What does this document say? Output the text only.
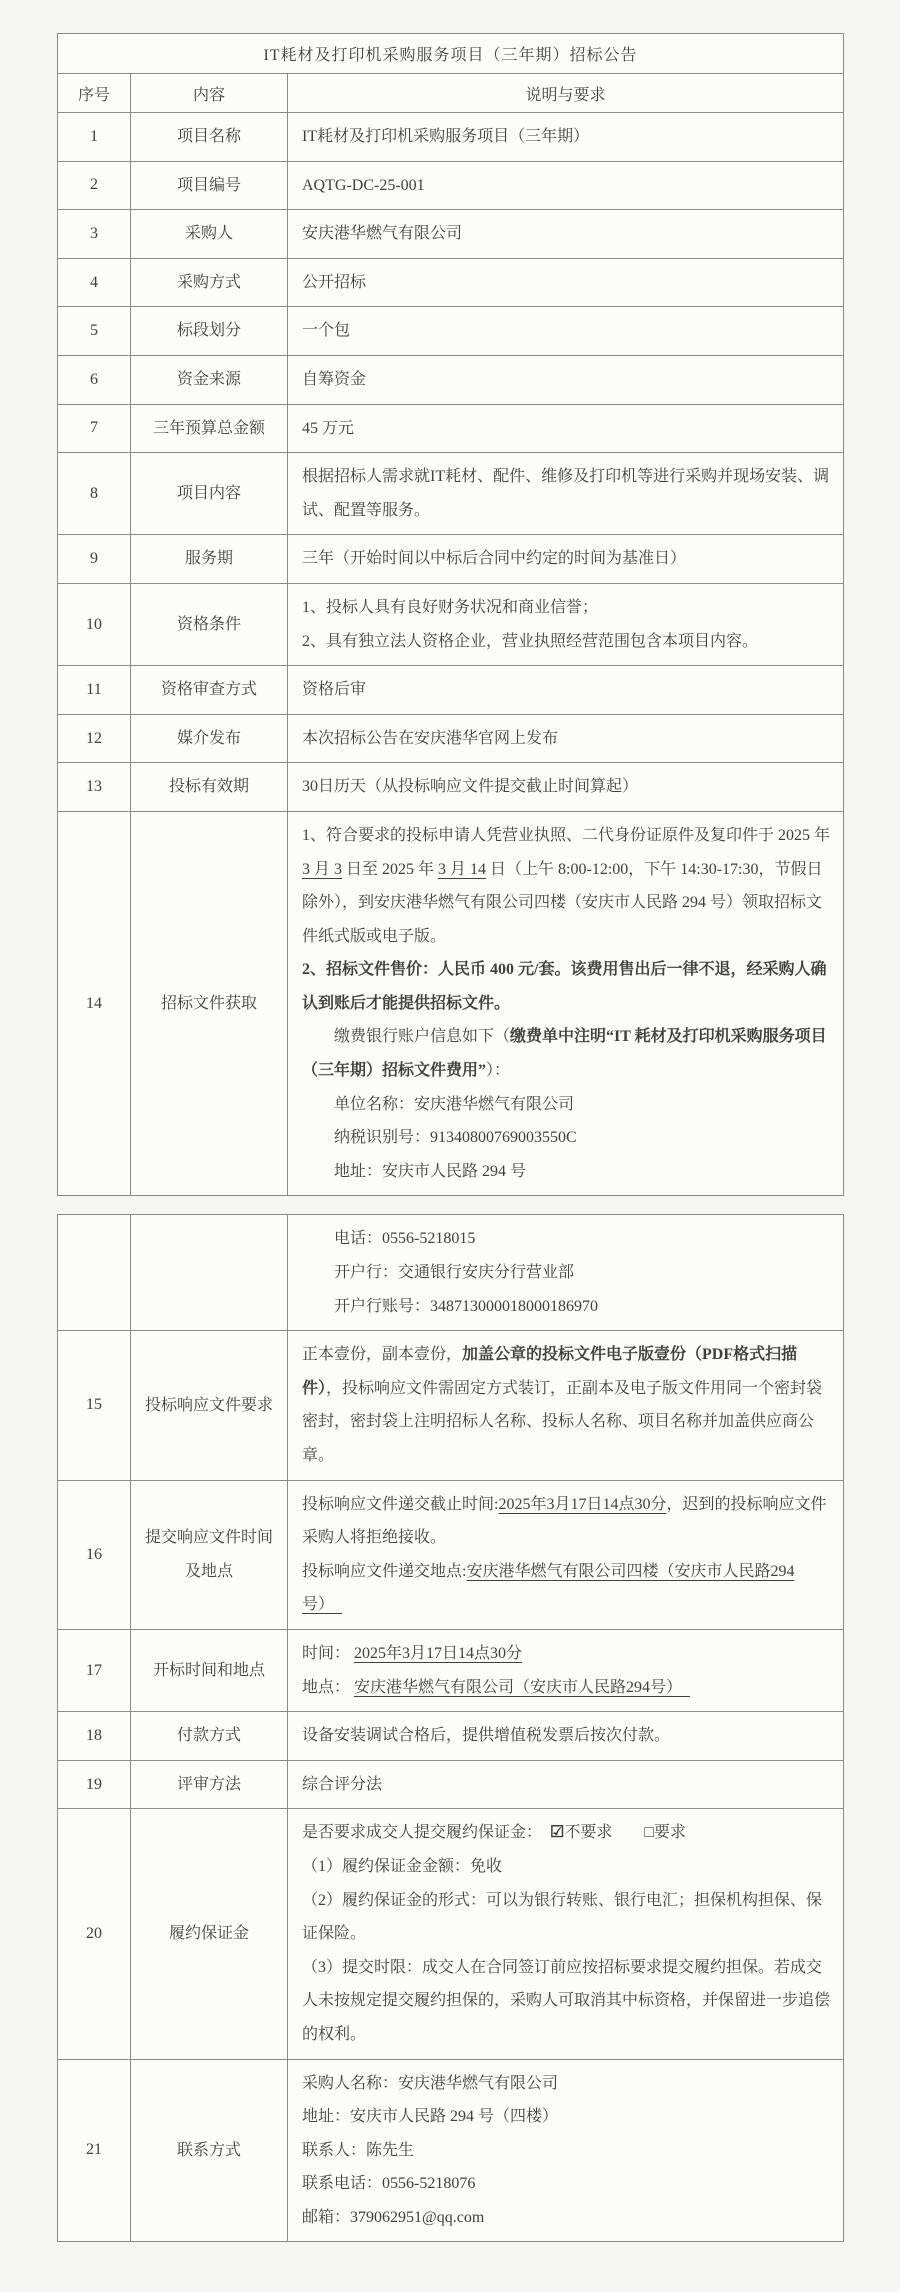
IT耗材及打印机采购服务项目（三年期）招标公告		
序号	内容	说明与要求
1	项目名称	IT耗材及打印机采购服务项目（三年期）

2	项目编号	AQTG-DC-25-001

3	采购人	安庆港华燃气有限公司

4	采购方式	公开招标

5	标段划分	一个包

6	资金来源	自筹资金

7	三年预算总金额	45 万元

8	项目内容	根据招标人需求就IT耗材、配件、维修及打印机等进行采购并现场安装、调试、配置等服务。

9	服务期	三年（开始时间以中标后合同中约定的时间为基准日）

10	资格条件	1、投标人具有良好财务状况和商业信誉；

2、具有独立法人资格企业，营业执照经营范围包含本项目内容。

11	资格审查方式	资格后审

12	媒介发布	本次招标公告在安庆港华官网上发布

13	投标有效期	30日历天（从投标响应文件提交截止时间算起）

14	招标文件获取	

1、符合要求的投标申请人凭营业执照、二代身份证原件及复印件于 2025 年 3 月 3 日至 2025 年 3 月 14 日（上午 8:00-12:00，下午 14:30-17:30，节假日除外），到安庆港华燃气有限公司四楼（安庆市人民路 294 号）领取招标文件纸式版或电子版。

2、招标文件售价：人民币 400 元/套。该费用售出后一律不退，经采购人确认到账后才能提供招标文件。

缴费银行账户信息如下（缴费单中注明“IT 耗材及打印机采购服务项目（三年期）招标文件费用”）：

单位名称：安庆港华燃气有限公司

纳税识别号：91340800769003550C

地址：安庆市人民路 294 号

		电话：0556-5218015

开户行：交通银行安庆分行营业部

开户行账号：348713000018000186970

15	投标响应文件要求	正本壹份，副本壹份，加盖公章的投标文件电子版壹份（PDF格式扫描件），投标响应文件需固定方式装订，正副本及电子版文件用同一个密封袋密封，密封袋上注明招标人名称、投标人名称、项目名称并加盖供应商公章。

16	提交响应文件时间及地点	投标响应文件递交截止时间:2025年3月17日14点30分，迟到的投标响应文件采购人将拒绝接收。

投标响应文件递交地点:安庆港华燃气有限公司四楼（安庆市人民路294号）

17	开标时间和地点	时间： 2025年3月17日14点30分

地点： 安庆港华燃气有限公司（安庆市人民路294号）

18	付款方式	设备安装调试合格后，提供增值税发票后按次付款。

19	评审方法	综合评分法

20	履约保证金	是否要求成交人提交履约保证金：　☑不要求　　□要求

（1）履约保证金金额：免收

（2）履约保证金的形式：可以为银行转账、银行电汇；担保机构担保、保证保险。

（3）提交时限：成交人在合同签订前应按招标要求提交履约担保。若成交人未按规定提交履约担保的，采购人可取消其中标资格，并保留进一步追偿的权利。

21	联系方式	采购人名称：安庆港华燃气有限公司

地址：安庆市人民路 294 号（四楼）

联系人：陈先生

联系电话：0556-5218076

邮箱：379062951@qq.com
